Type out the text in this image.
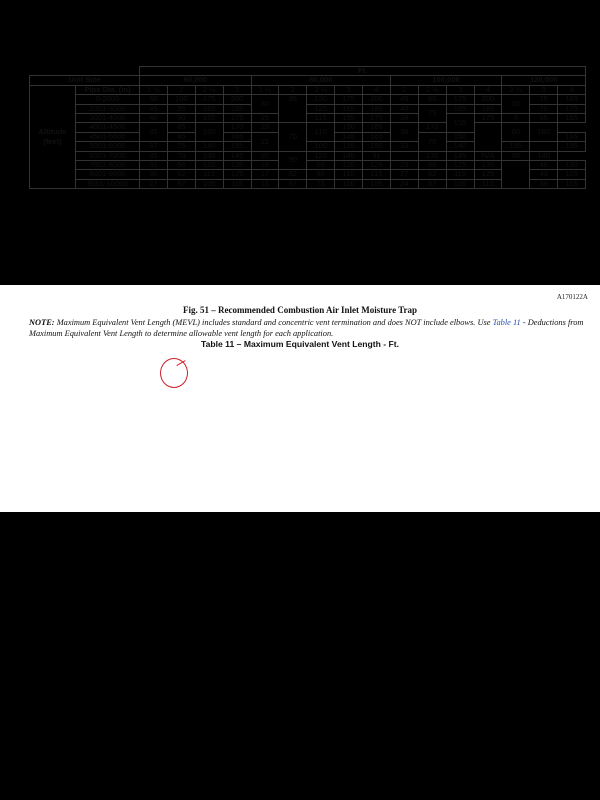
A170122A
Fig. 51 – Recommended Combustion Air Inlet Moisture Trap
NOTE: Maximum Equivalent Vent Length (MEVL) includes standard and concentric vent termination and does NOT include elbows. Use Table 11 - Deductions from Maximum Equivalent Vent Length to determine allowable vent length for each application.
Table 11 – Maximum Equivalent Vent Length - Ft.
		Ft.															
Unit Size		60,000				80,000					100,000				120,000		
Altitude (feet)	Pipe Dia. (in)	1 ½	2	2 ½	3	1 ½	2	2 ½	3	4	2	2 ½	3	4	2 ½	3	4
	0-2000	50	100	175	200	30	95	130	175	200	45	80	175	200	10	75	185
	2001-3000	45	95	165	185			125	165	185	40	75	165	185		70	175
	3001-4000	40	90	155	175	25		115	155	175	38		155	175	5	65	165
	4001-4500	35	85	150	170	23	70	110	150	165	36	170			60	160	
	4501-5000		80		165	22			145	160		70	150				165
	5001-6000	37	75	140	155			100	135	150	33		140		155		155
	6001-7000	35	70	130	145	20	90	125	140	31		135	145	N/A	50	140	
	7001-8000	32	66	120	135	18		66	120	125	29	66	125	135		46	130
	8001-9000	30	62	115	125	17	62	80	110	115	27	62	115	125		43	120
	9001-10000	27	57	105	115	15	57	75	100	105	24	57	100	115		39	115
